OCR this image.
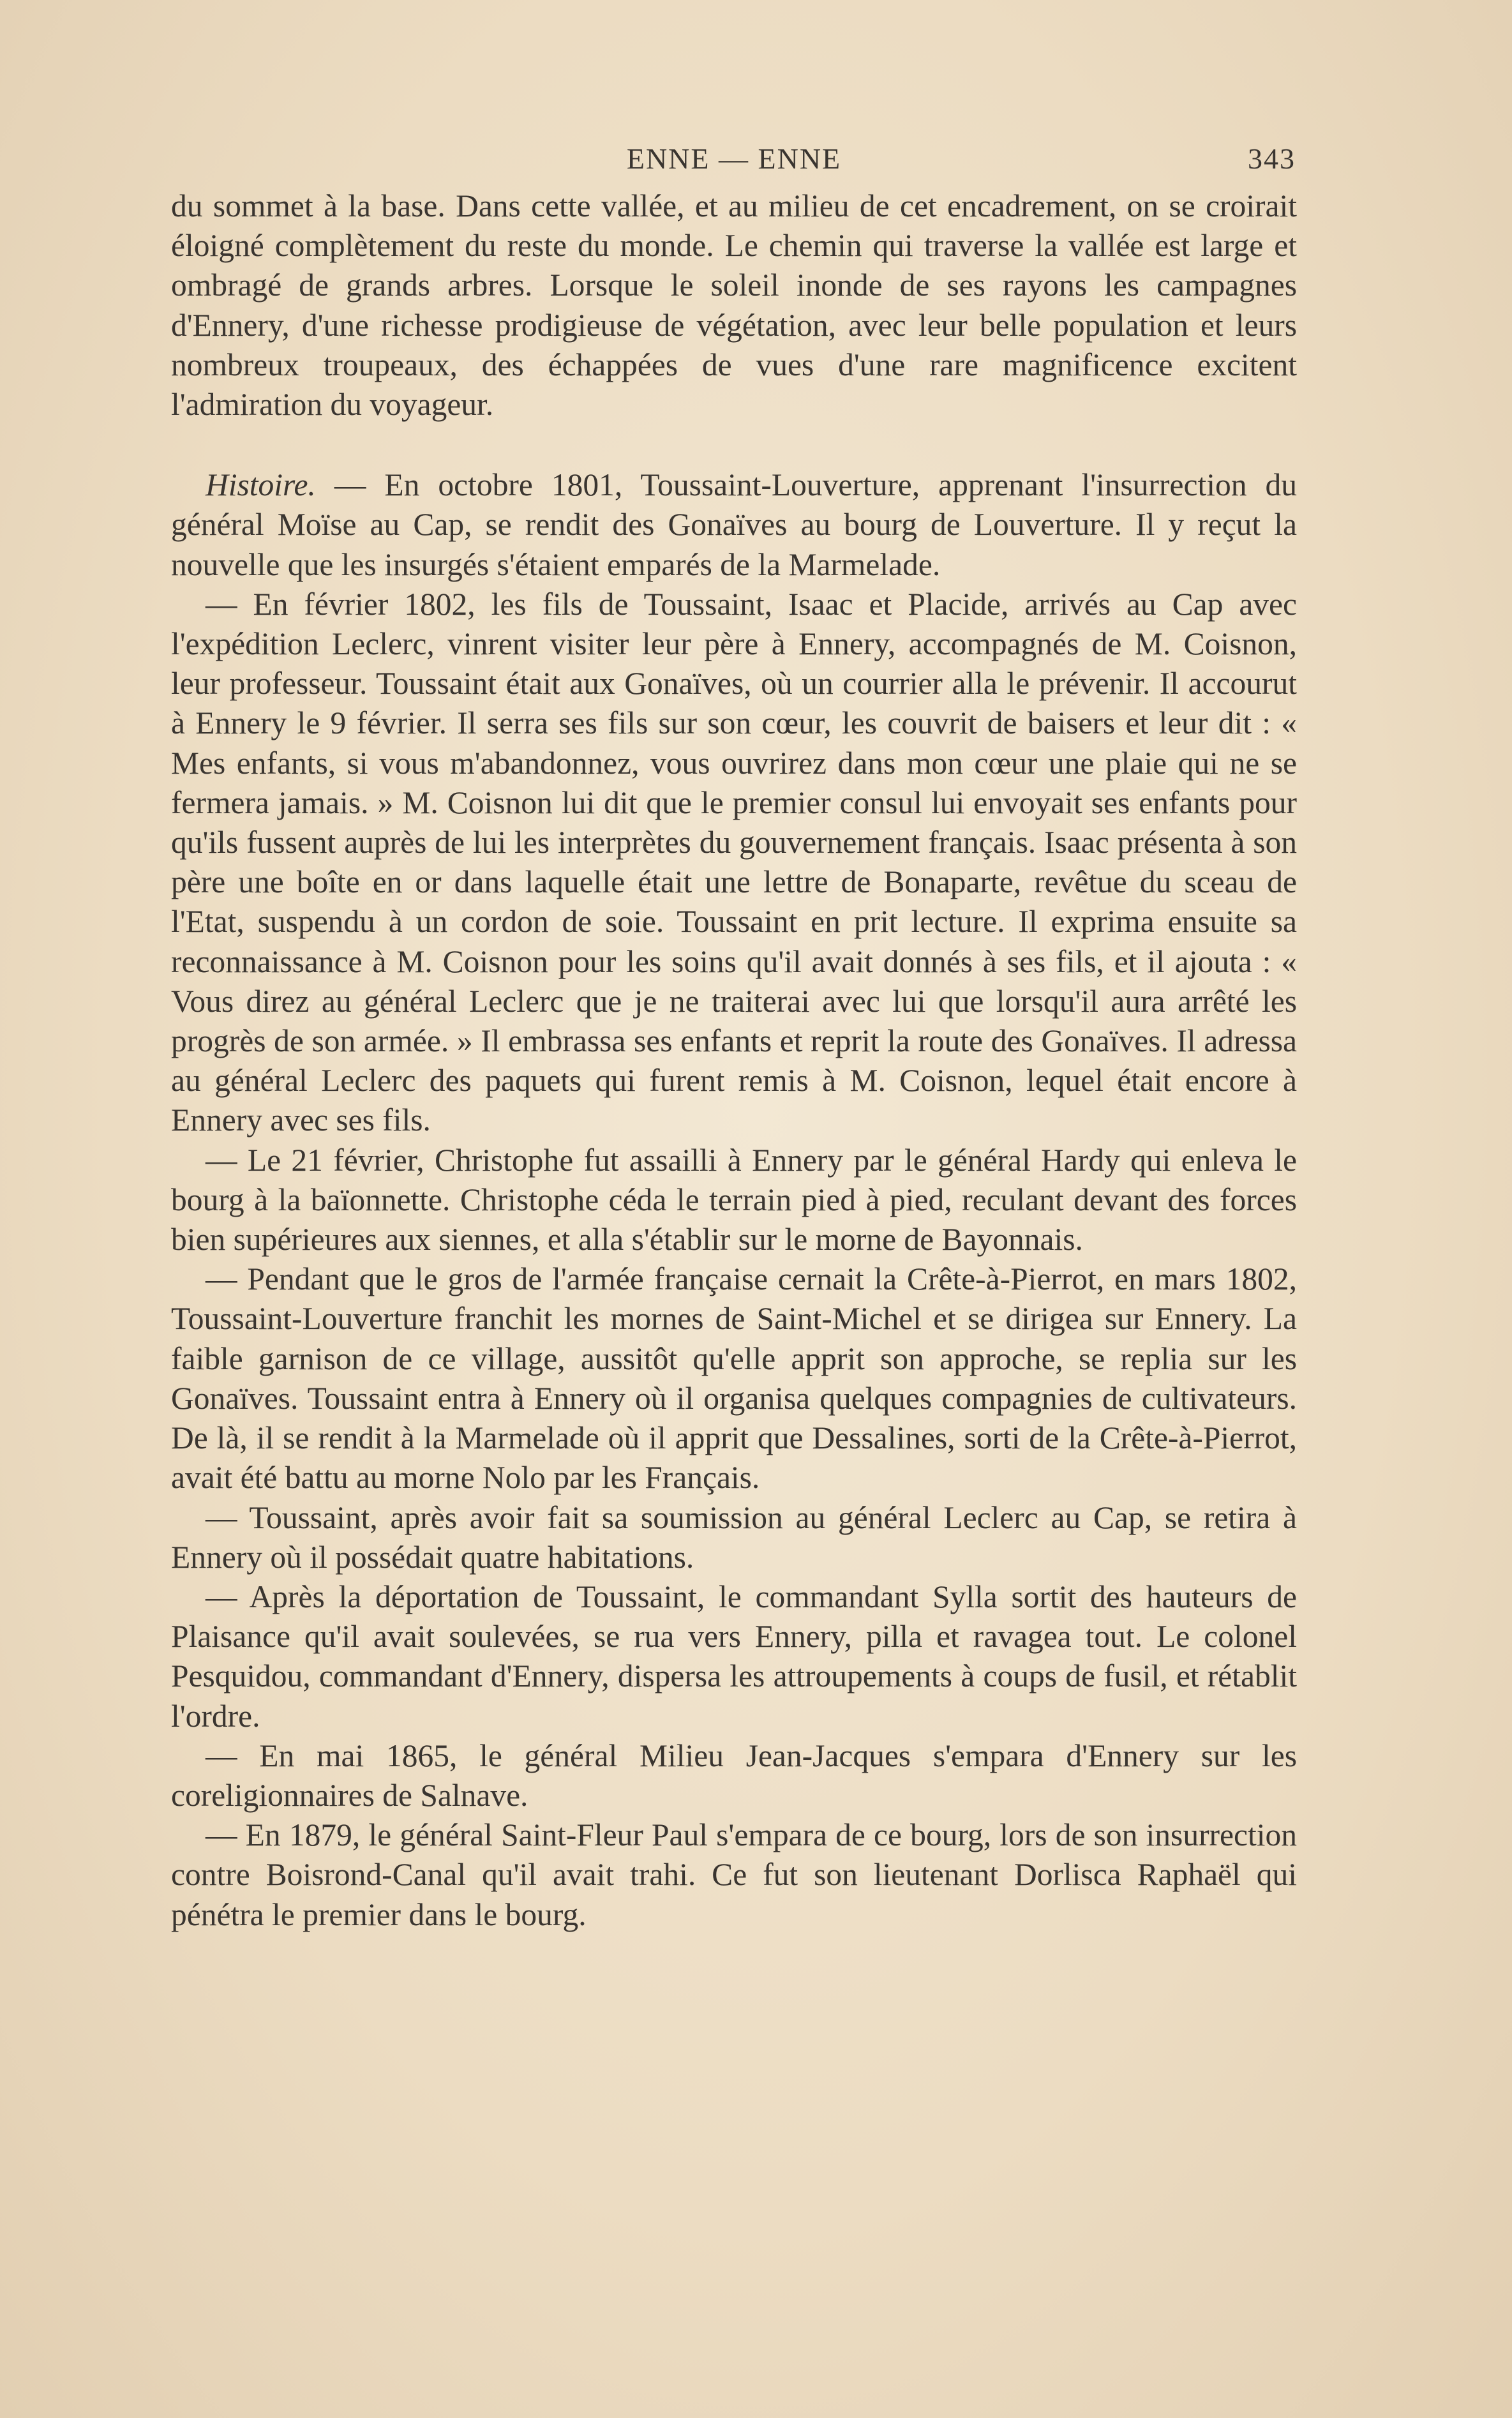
ENNE — ENNE	343

du sommet à la base. Dans cette vallée, et au milieu de cet encadrement, on se croirait éloigné complètement du reste du monde. Le chemin qui traverse la vallée est large et ombragé de grands arbres. Lorsque le soleil inonde de ses rayons les campagnes d'Ennery, d'une richesse prodigieuse de végétation, avec leur belle population et leurs nombreux troupeaux, des échappées de vues d'une rare magnificence excitent l'admiration du voyageur.

Histoire. — En octobre 1801, Toussaint-Louverture, apprenant l'insurrection du général Moïse au Cap, se rendit des Gonaïves au bourg de Louverture. Il y reçut la nouvelle que les insurgés s'étaient emparés de la Marmelade.

— En février 1802, les fils de Toussaint, Isaac et Placide, arrivés au Cap avec l'expédition Leclerc, vinrent visiter leur père à Ennery, accompagnés de M. Coisnon, leur professeur. Toussaint était aux Gonaïves, où un courrier alla le prévenir. Il accourut à Ennery le 9 février. Il serra ses fils sur son cœur, les couvrit de baisers et leur dit : « Mes enfants, si vous m'abandonnez, vous ouvrirez dans mon cœur une plaie qui ne se fermera jamais. » M. Coisnon lui dit que le premier consul lui envoyait ses enfants pour qu'ils fussent auprès de lui les interprètes du gouvernement français. Isaac présenta à son père une boîte en or dans laquelle était une lettre de Bonaparte, revêtue du sceau de l'Etat, suspendu à un cordon de soie. Toussaint en prit lecture. Il exprima ensuite sa reconnaissance à M. Coisnon pour les soins qu'il avait donnés à ses fils, et il ajouta : « Vous direz au général Leclerc que je ne traiterai avec lui que lorsqu'il aura arrêté les progrès de son armée. » Il embrassa ses enfants et reprit la route des Gonaïves. Il adressa au général Leclerc des paquets qui furent remis à M. Coisnon, lequel était encore à Ennery avec ses fils.

— Le 21 février, Christophe fut assailli à Ennery par le général Hardy qui enleva le bourg à la baïonnette. Christophe céda le terrain pied à pied, reculant devant des forces bien supérieures aux siennes, et alla s'établir sur le morne de Bayonnais.

— Pendant que le gros de l'armée française cernait la Crête-à-Pierrot, en mars 1802, Toussaint-Louverture franchit les mornes de Saint-Michel et se dirigea sur Ennery. La faible garnison de ce village, aussitôt qu'elle apprit son approche, se replia sur les Gonaïves. Toussaint entra à Ennery où il organisa quelques compagnies de cultivateurs. De là, il se rendit à la Marmelade où il apprit que Dessalines, sorti de la Crête-à-Pierrot, avait été battu au morne Nolo par les Français.

— Toussaint, après avoir fait sa soumission au général Leclerc au Cap, se retira à Ennery où il possédait quatre habitations.

— Après la déportation de Toussaint, le commandant Sylla sortit des hauteurs de Plaisance qu'il avait soulevées, se rua vers Ennery, pilla et ravagea tout. Le colonel Pesquidou, commandant d'Ennery, dispersa les attroupements à coups de fusil, et rétablit l'ordre.

— En mai 1865, le général Milieu Jean-Jacques s'empara d'Ennery sur les coreligionnaires de Salnave.

— En 1879, le général Saint-Fleur Paul s'empara de ce bourg, lors de son insurrection contre Boisrond-Canal qu'il avait trahi. Ce fut son lieutenant Dorlisca Raphaël qui pénétra le premier dans le bourg.
